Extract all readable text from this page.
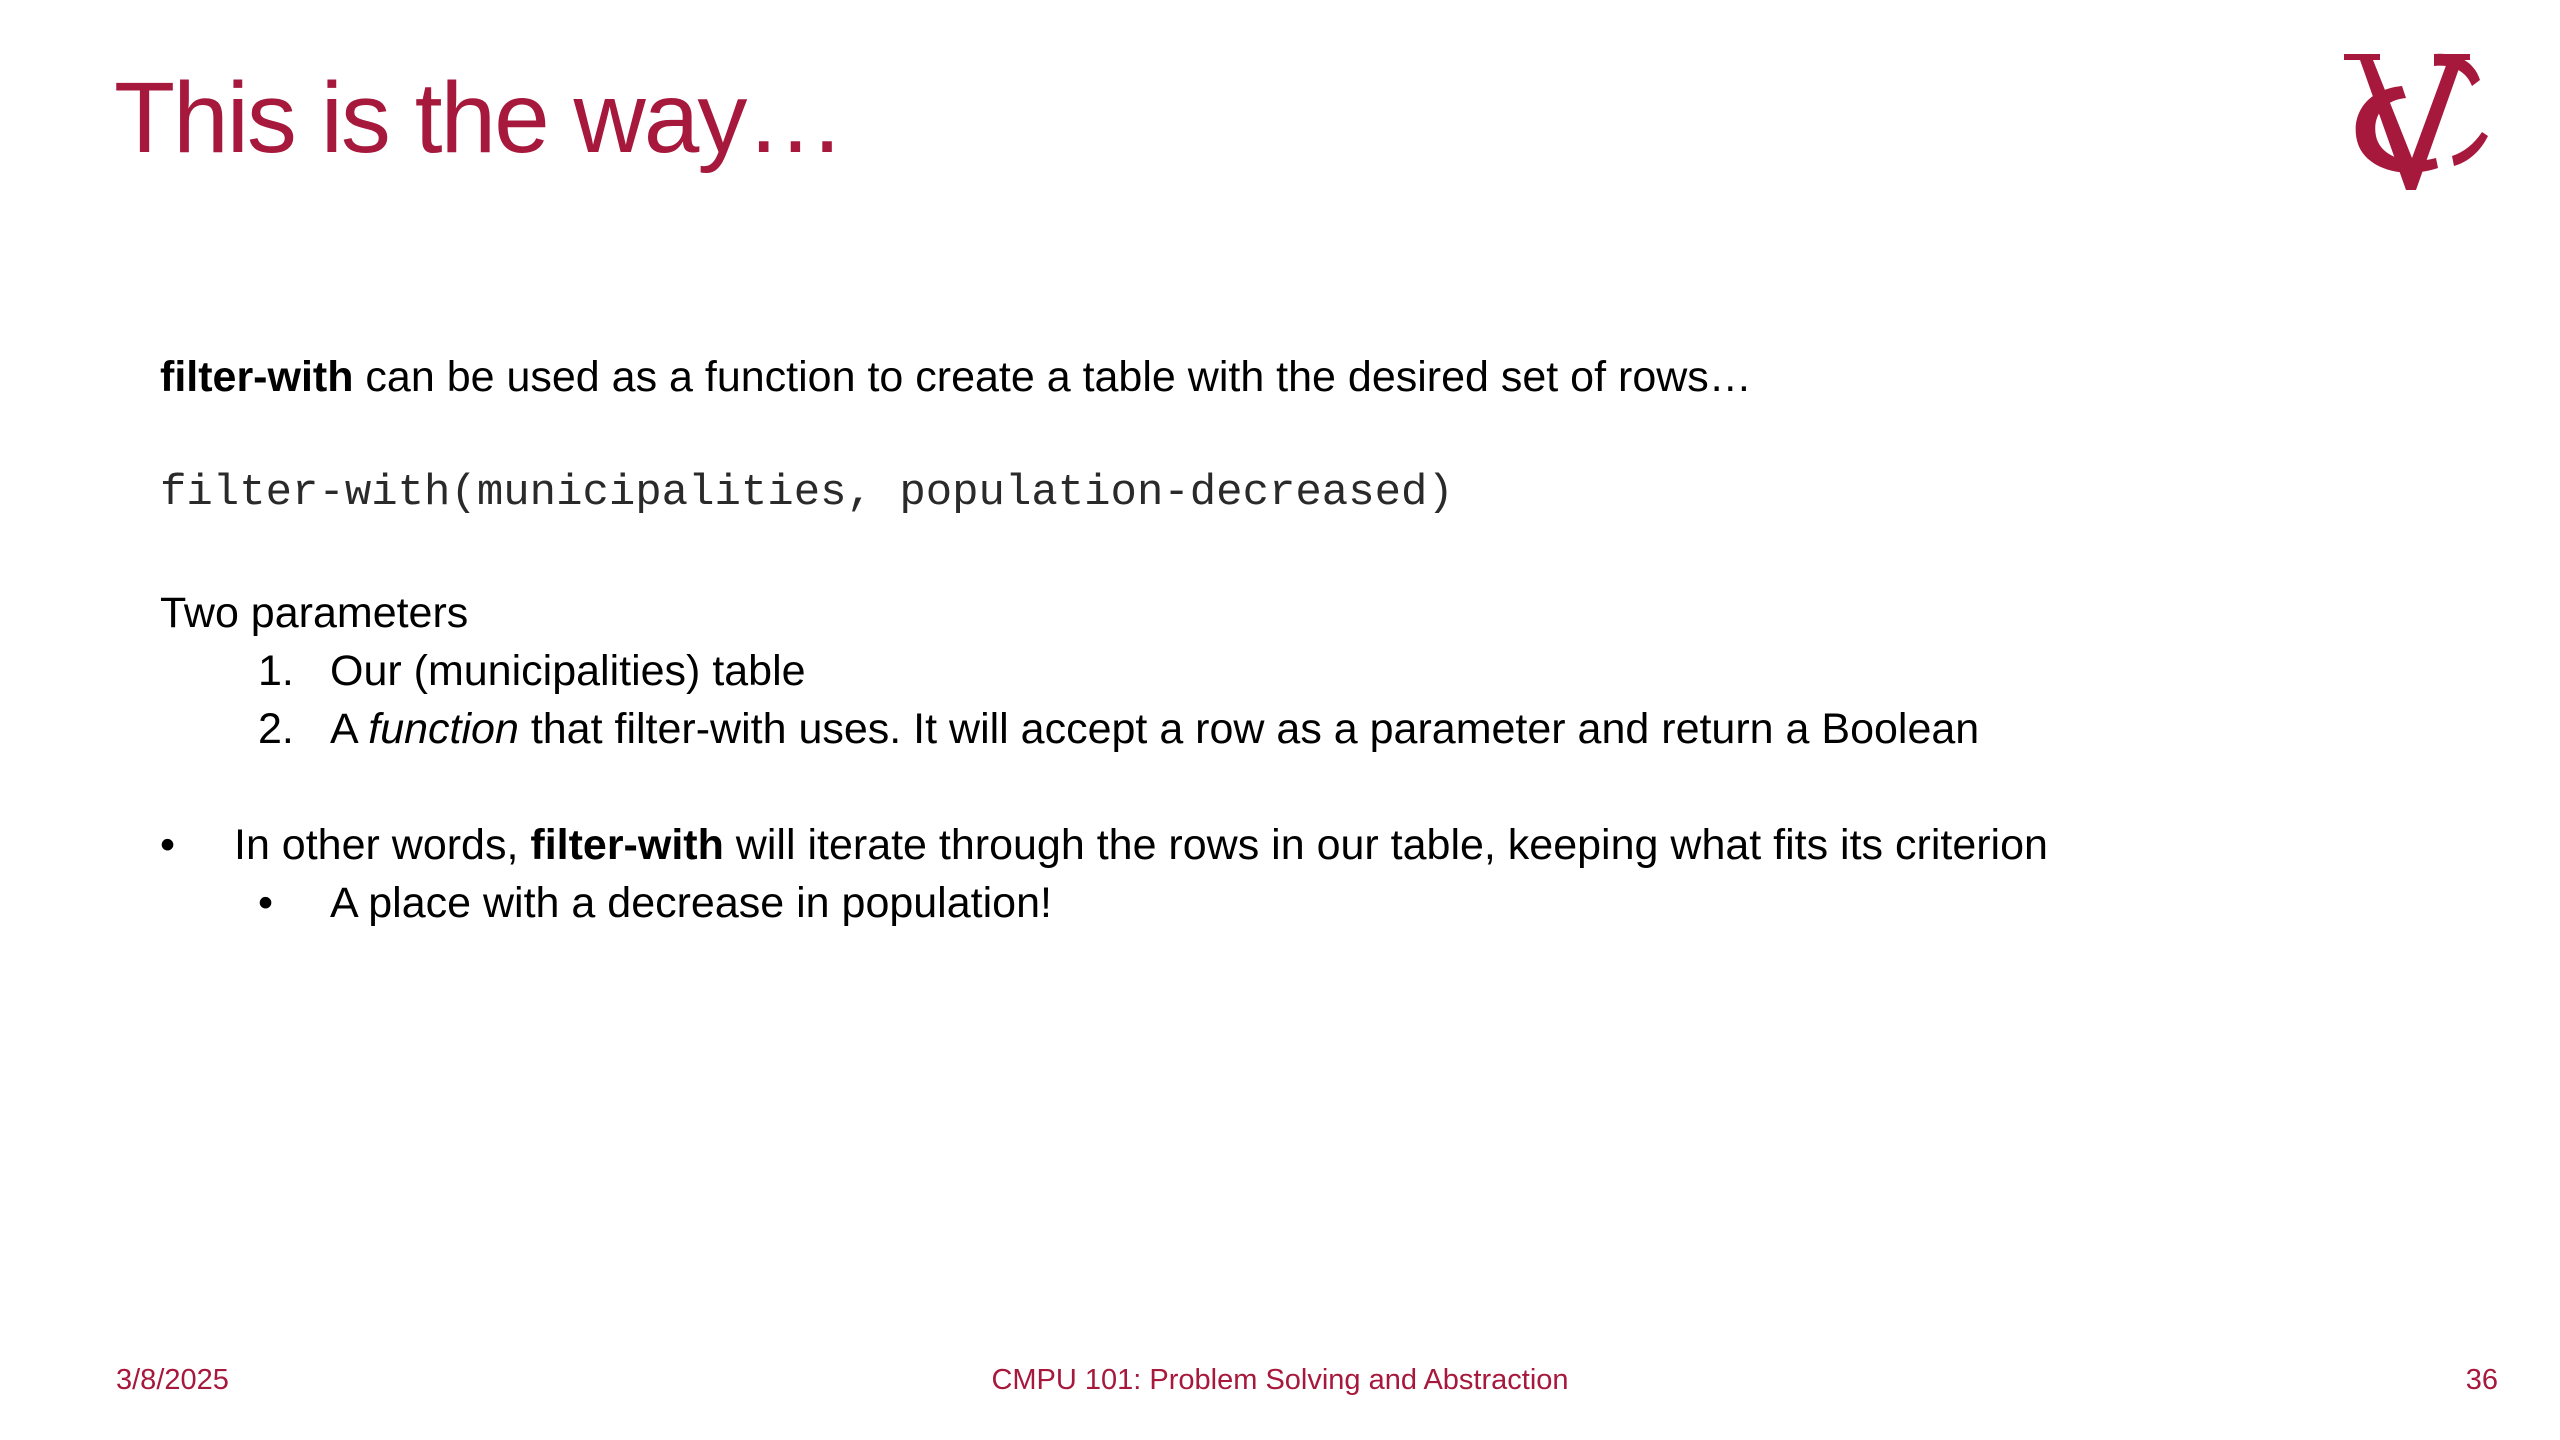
This is the way…
filter-with can be used as a function to create a table with the desired set of rows…
filter-with(municipalities, population-decreased)
Two parameters
1. Our (municipalities) table
2. A function that filter-with uses. It will accept a row as a parameter and return a Boolean
• In other words, filter-with will iterate through the rows in our table, keeping what fits its criterion
• A place with a decrease in population!
3/8/2025	CMPU 101: Problem Solving and Abstraction	36
